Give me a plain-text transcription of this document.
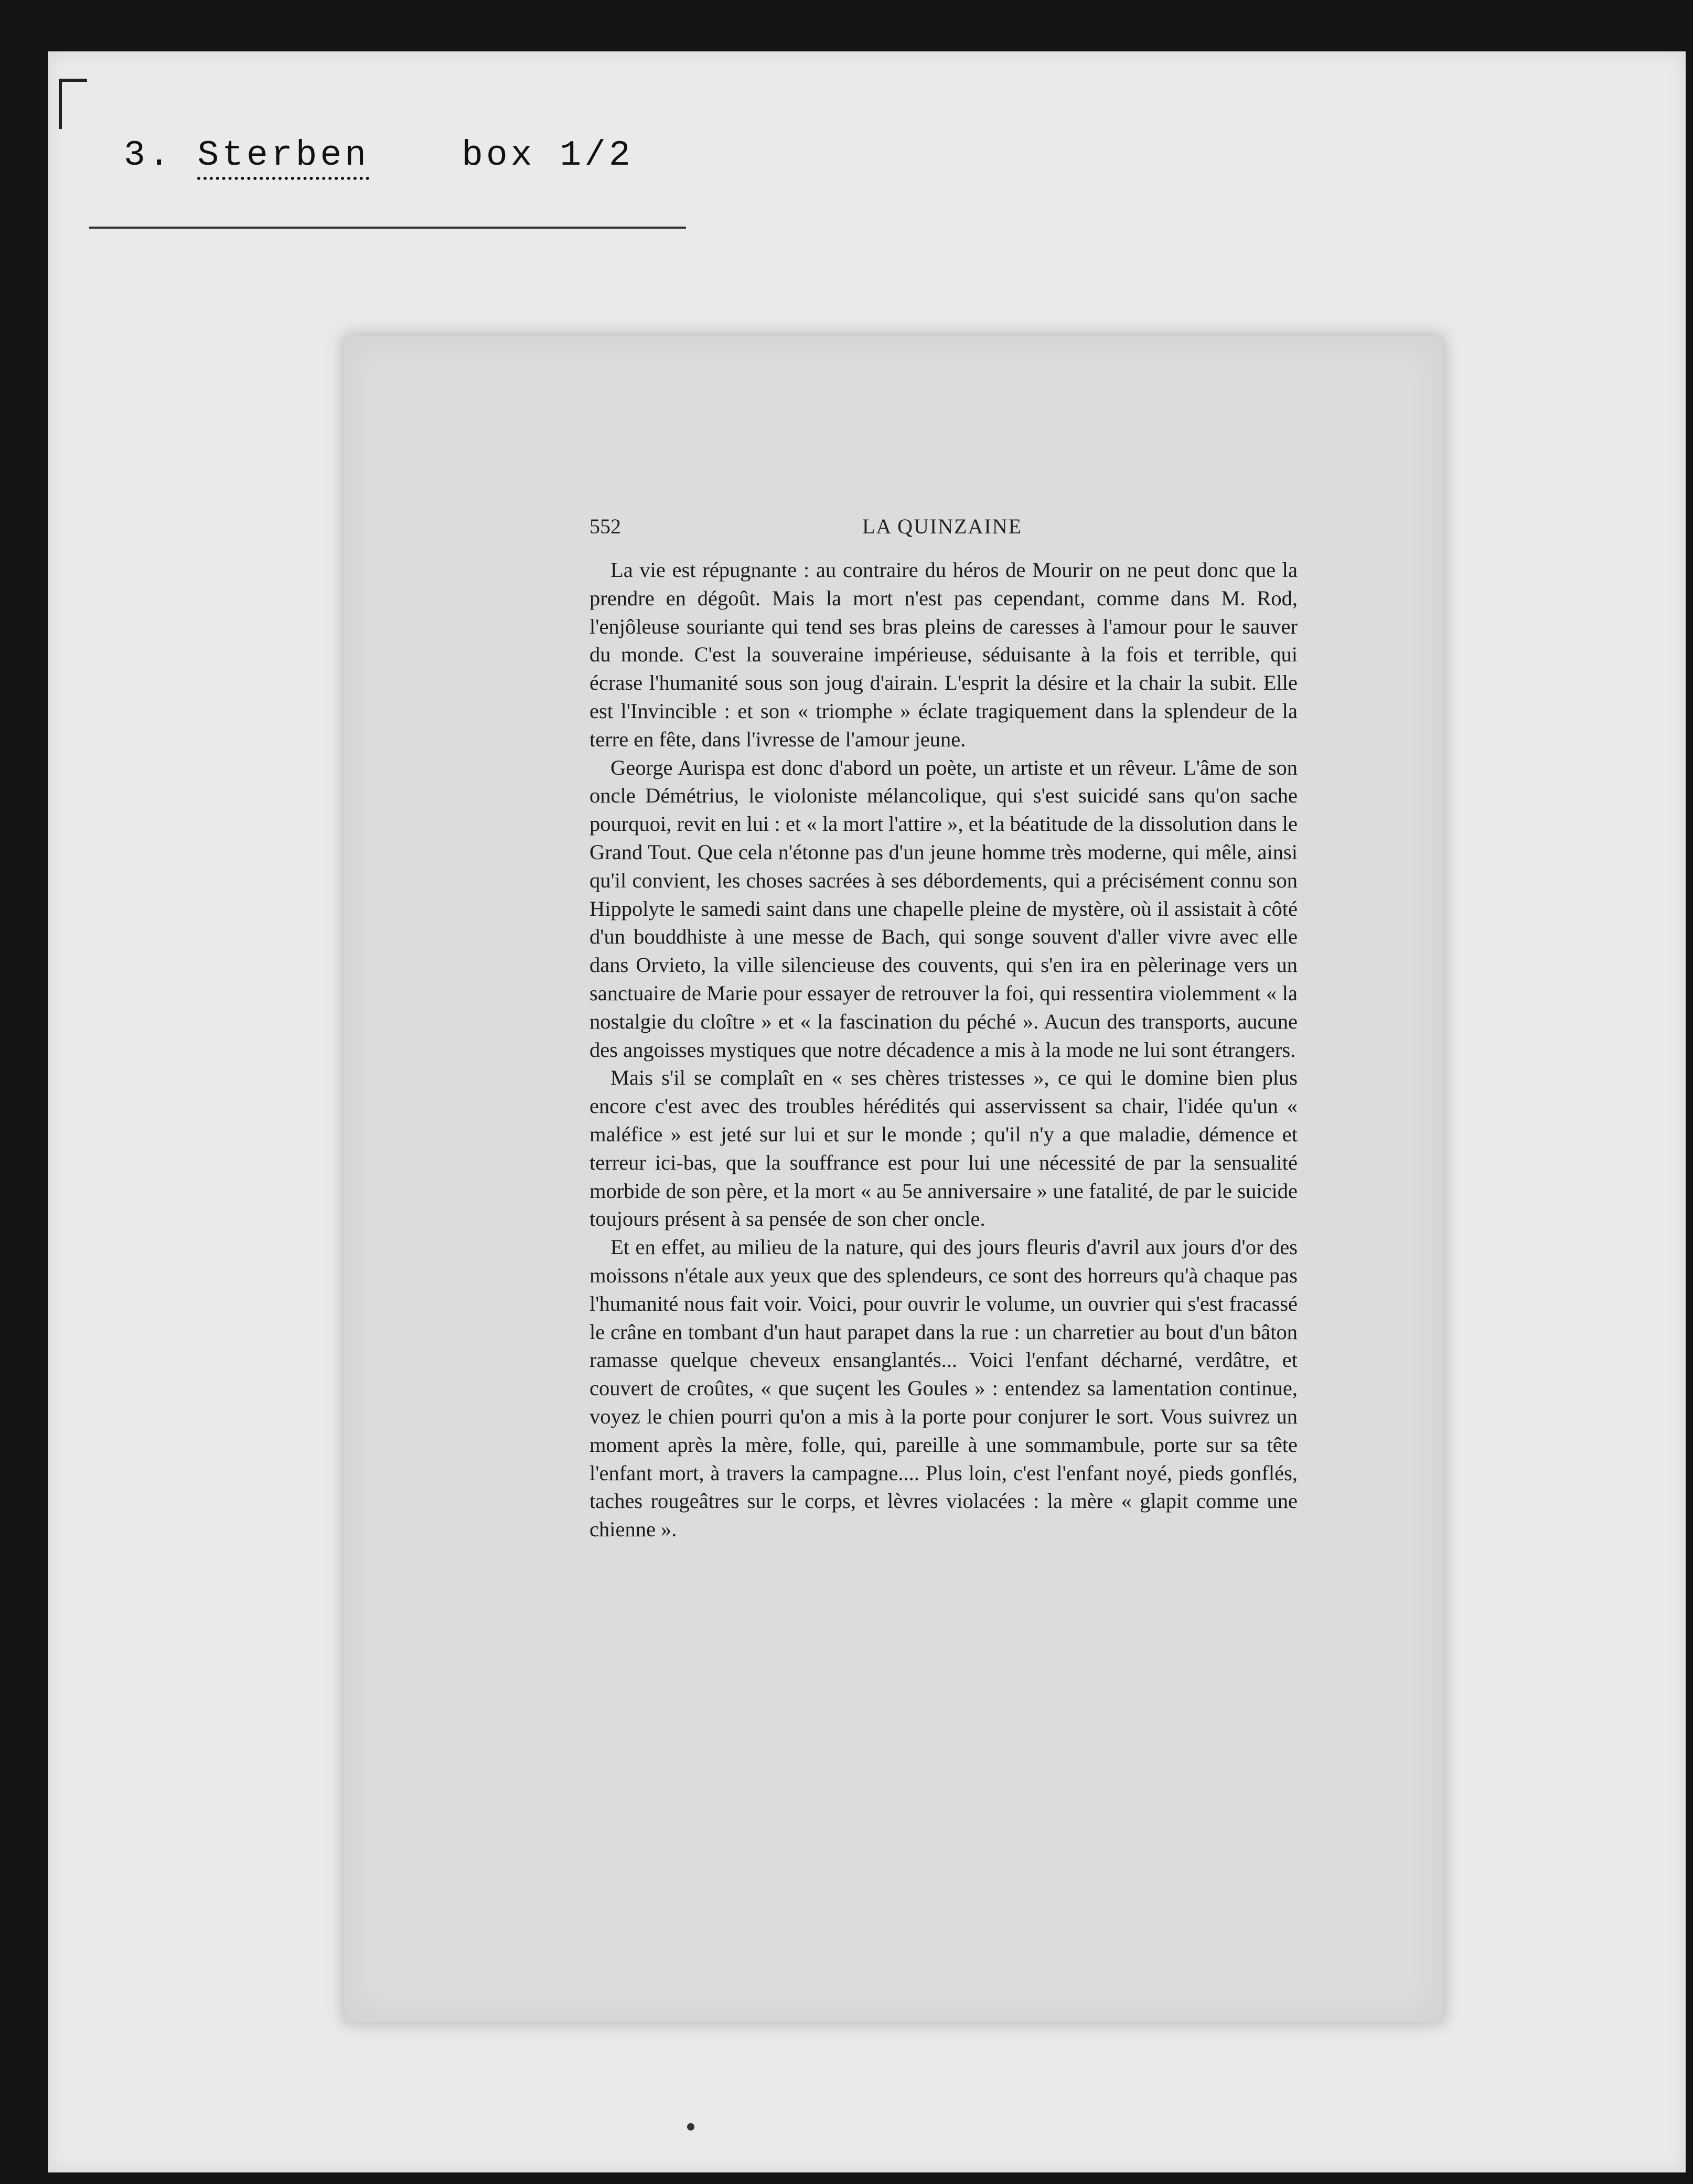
3. Sterben	box 1/2
552	LA QUINZAINE

La vie est répugnante : au contraire du héros de Mourir on ne peut donc que la prendre en dégoût. Mais la mort n'est pas cependant, comme dans M. Rod, l'enjôleuse souriante qui tend ses bras pleins de caresses à l'amour pour le sauver du monde. C'est la souveraine impérieuse, séduisante à la fois et terrible, qui écrase l'humanité sous son joug d'airain. L'esprit la désire et la chair la subit. Elle est l'Invincible : et son « triomphe » éclate tragiquement dans la splendeur de la terre en fête, dans l'ivresse de l'amour jeune.

George Aurispa est donc d'abord un poète, un artiste et un rêveur. L'âme de son oncle Démétrius, le violoniste mélancolique, qui s'est suicidé sans qu'on sache pourquoi, revit en lui : et « la mort l'attire », et la béatitude de la dissolution dans le Grand Tout. Que cela n'étonne pas d'un jeune homme très moderne, qui mêle, ainsi qu'il convient, les choses sacrées à ses débordements, qui a précisément connu son Hippolyte le samedi saint dans une chapelle pleine de mystère, où il assistait à côté d'un bouddhiste à une messe de Bach, qui songe souvent d'aller vivre avec elle dans Orvieto, la ville silencieuse des couvents, qui s'en ira en pèlerinage vers un sanctuaire de Marie pour essayer de retrouver la foi, qui ressentira violemment « la nostalgie du cloître » et « la fascination du péché ». Aucun des transports, aucune des angoisses mystiques que notre décadence a mis à la mode ne lui sont étrangers.

Mais s'il se complaît en « ses chères tristesses », ce qui le domine bien plus encore c'est avec des troubles hérédités qui asservissent sa chair, l'idée qu'un « maléfice » est jeté sur lui et sur le monde ; qu'il n'y a que maladie, démence et terreur ici-bas, que la souffrance est pour lui une nécessité de par la sensualité morbide de son père, et la mort « au 5e anniversaire » une fatalité, de par le suicide toujours présent à sa pensée de son cher oncle.

Et en effet, au milieu de la nature, qui des jours fleuris d'avril aux jours d'or des moissons n'étale aux yeux que des splendeurs, ce sont des horreurs qu'à chaque pas l'humanité nous fait voir. Voici, pour ouvrir le volume, un ouvrier qui s'est fracassé le crâne en tombant d'un haut parapet dans la rue : un charretier au bout d'un bâton ramasse quelque cheveux ensanglantés... Voici l'enfant décharné, verdâtre, et couvert de croûtes, « que suçent les Goules » : entendez sa lamentation continue, voyez le chien pourri qu'on a mis à la porte pour conjurer le sort. Vous suivrez un moment après la mère, folle, qui, pareille à une sommambule, porte sur sa tête l'enfant mort, à travers la campagne.... Plus loin, c'est l'enfant noyé, pieds gonflés, taches rougeâtres sur le corps, et lèvres violacées : la mère « glapit comme une chienne ».
